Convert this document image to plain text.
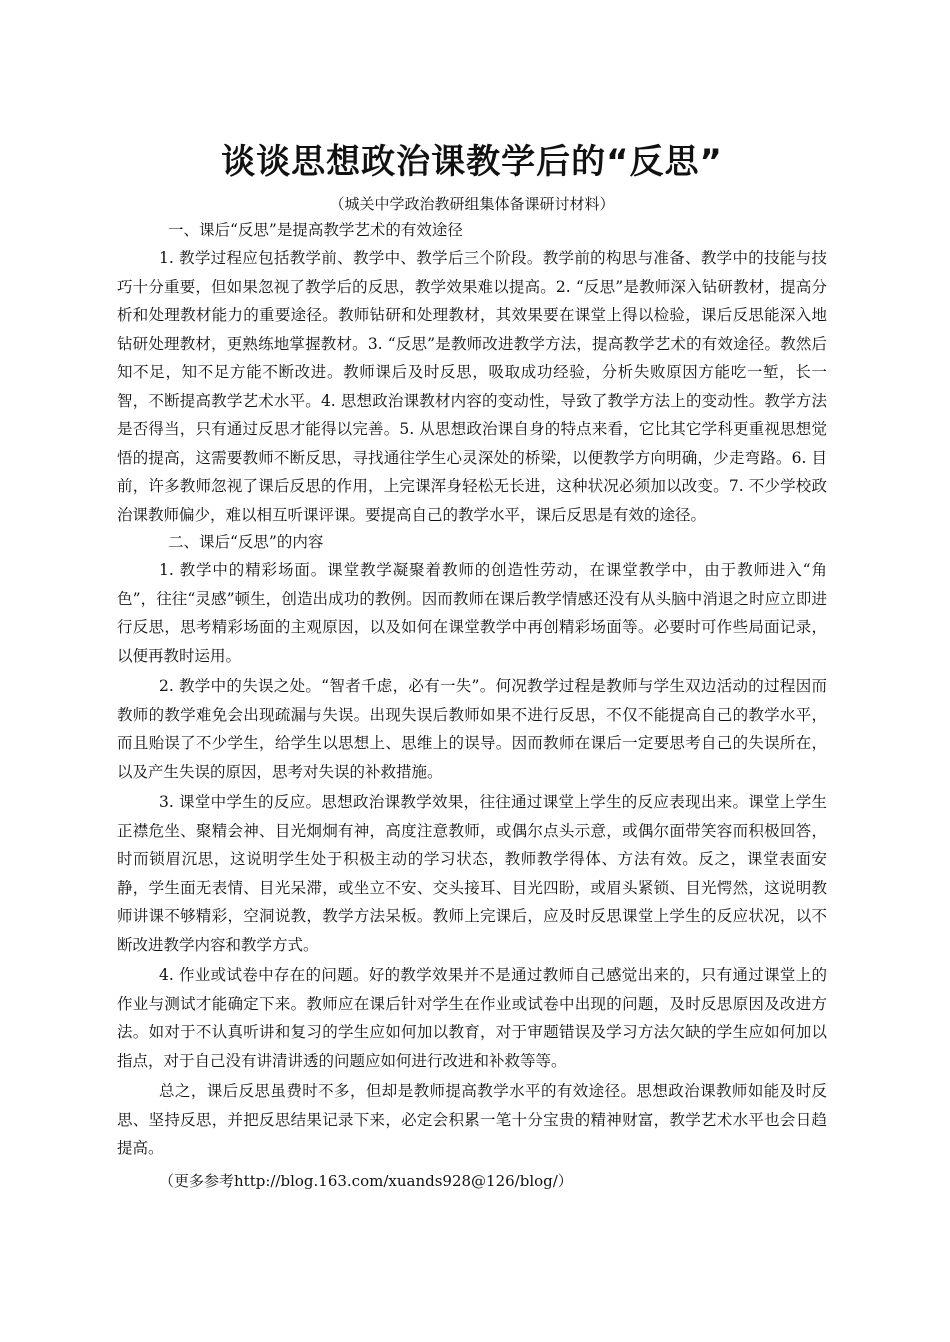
谈谈思想政治课教学后的“反思”

（城关中学政治教研组集体备课研讨材料）

一、课后“反思”是提高教学艺术的有效途径

1. 教学过程应包括教学前、教学中、教学后三个阶段。教学前的构思与准备、教学中的技能与技巧十分重要，但如果忽视了教学后的反思，教学效果难以提高。2. “反思”是教师深入钻研教材，提高分析和处理教材能力的重要途径。教师钻研和处理教材，其效果要在课堂上得以检验，课后反思能深入地钻研处理教材，更熟练地掌握教材。3. “反思”是教师改进教学方法，提高教学艺术的有效途径。教然后知不足，知不足方能不断改进。教师课后及时反思，吸取成功经验，分析失败原因方能吃一堑，长一智，不断提高教学艺术水平。4. 思想政治课教材内容的变动性，导致了教学方法上的变动性。教学方法是否得当，只有通过反思才能得以完善。5. 从思想政治课自身的特点来看，它比其它学科更重视思想觉悟的提高，这需要教师不断反思，寻找通往学生心灵深处的桥梁，以便教学方向明确，少走弯路。6. 目前，许多教师忽视了课后反思的作用，上完课浑身轻松无长进，这种状况必须加以改变。7. 不少学校政治课教师偏少，难以相互听课评课。要提高自己的教学水平，课后反思是有效的途径。

二、课后“反思”的内容

1. 教学中的精彩场面。课堂教学凝聚着教师的创造性劳动，在课堂教学中，由于教师进入“角色”，往往“灵感”顿生，创造出成功的教例。因而教师在课后教学情感还没有从头脑中消退之时应立即进行反思，思考精彩场面的主观原因，以及如何在课堂教学中再创精彩场面等。必要时可作些局面记录，以便再教时运用。

2. 教学中的失误之处。“智者千虑，必有一失”。何况教学过程是教师与学生双边活动的过程因而教师的教学难免会出现疏漏与失误。出现失误后教师如果不进行反思，不仅不能提高自己的教学水平，而且贻误了不少学生，给学生以思想上、思维上的误导。因而教师在课后一定要思考自己的失误所在，以及产生失误的原因，思考对失误的补救措施。

3. 课堂中学生的反应。思想政治课教学效果，往往通过课堂上学生的反应表现出来。课堂上学生正襟危坐、聚精会神、目光炯炯有神，高度注意教师，或偶尔点头示意，或偶尔面带笑容而积极回答，时而锁眉沉思，这说明学生处于积极主动的学习状态，教师教学得体、方法有效。反之，课堂表面安静，学生面无表情、目光呆滞，或坐立不安、交头接耳、目光四盼，或眉头紧锁、目光愕然，这说明教师讲课不够精彩，空洞说教，教学方法呆板。教师上完课后，应及时反思课堂上学生的反应状况，以不断改进教学内容和教学方式。

4. 作业或试卷中存在的问题。好的教学效果并不是通过教师自己感觉出来的，只有通过课堂上的作业与测试才能确定下来。教师应在课后针对学生在作业或试卷中出现的问题，及时反思原因及改进方法。如对于不认真听讲和复习的学生应如何加以教育，对于审题错误及学习方法欠缺的学生应如何加以指点，对于自己没有讲清讲透的问题应如何进行改进和补救等等。

总之，课后反思虽费时不多，但却是教师提高教学水平的有效途径。思想政治课教师如能及时反思、坚持反思，并把反思结果记录下来，必定会积累一笔十分宝贵的精神财富，教学艺术水平也会日趋提高。

（更多参考http://blog.163.com/xuands928@126/blog/）
